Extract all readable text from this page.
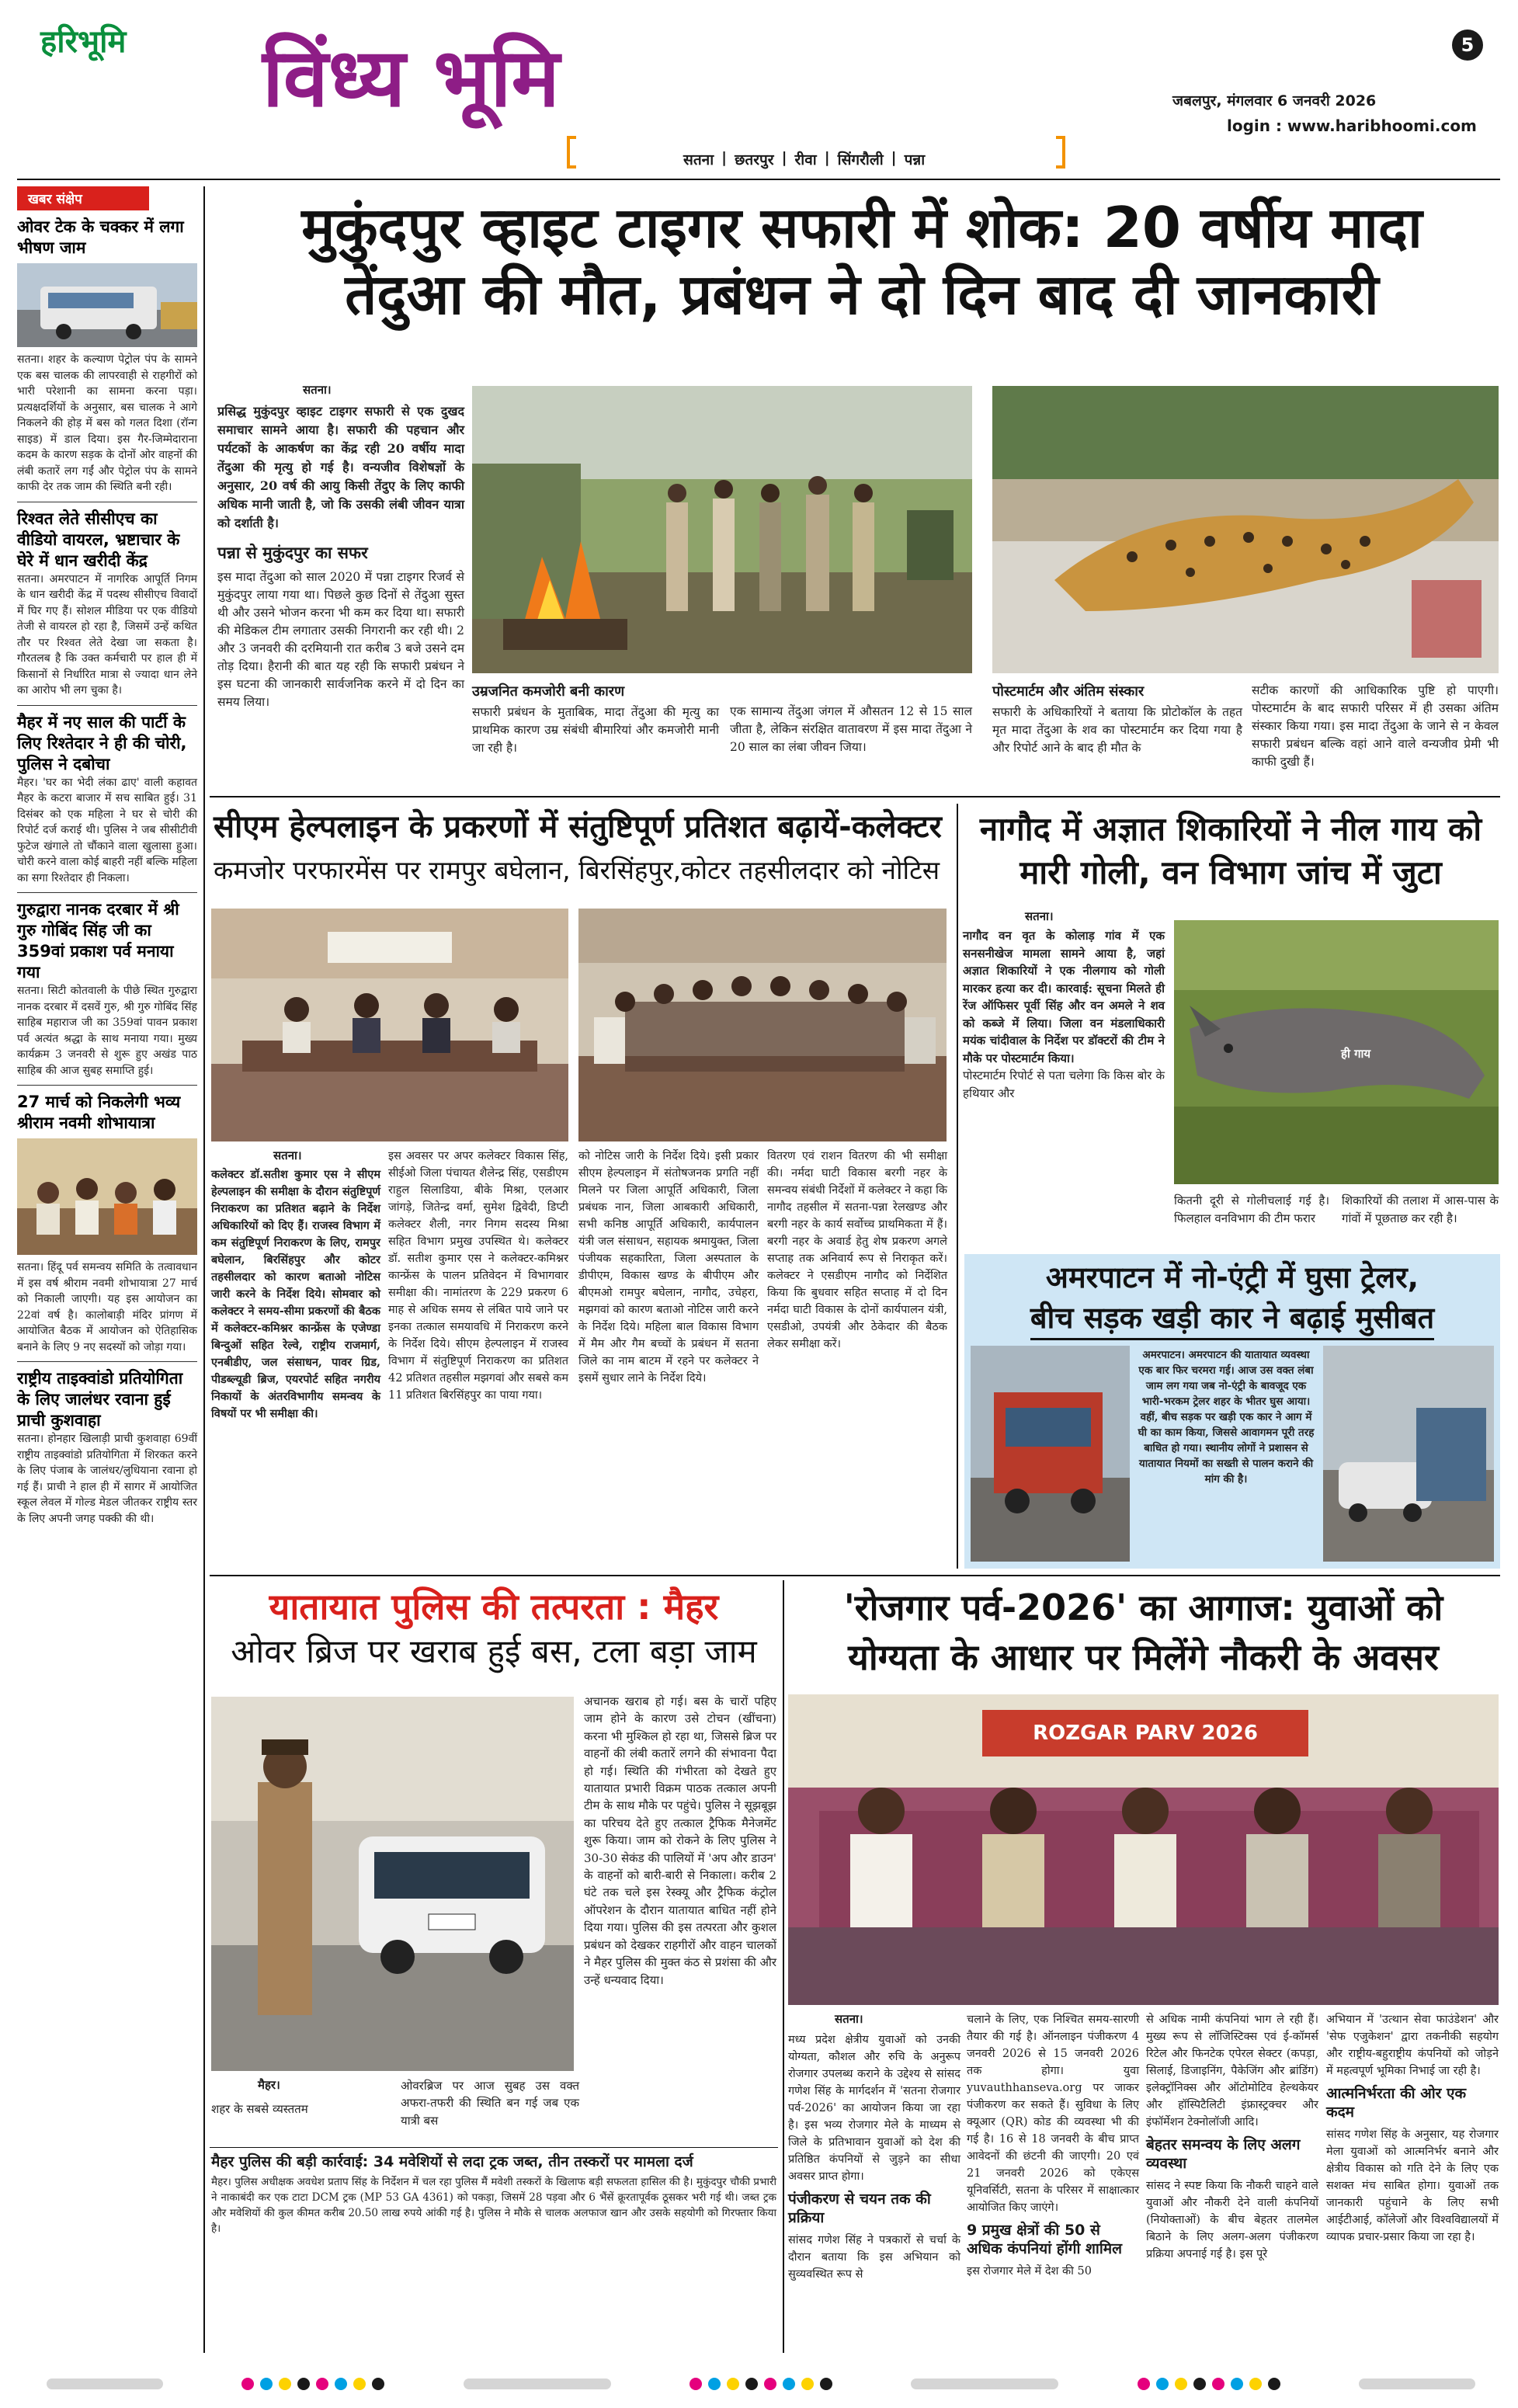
हरिभूमि विंध्य भूमि	5
जबलपुर, मंगलवार 6 जनवरी 2026
login : www.haribhoomi.com
सतना | छतरपुर | रीवा | सिंगरौली | पन्ना
खबर संक्षेप
ओवर टेक के चक्कर में लगा भीषण जाम
सतना। शहर के कल्याण पेट्रोल पंप के सामने एक बस चालक की लापरवाही से राहगीरों को भारी परेशानी का सामना करना पड़ा। प्रत्यक्षदर्शियों के अनुसार, बस चालक ने आगे निकलने की होड़ में बस को गलत दिशा (रॉन्ग साइड) में डाल दिया। इस गैर-जिम्मेदाराना कदम के कारण सड़क के दोनों ओर वाहनों की लंबी कतारें लग गईं और पेट्रोल पंप के सामने काफी देर तक जाम की स्थिति बनी रही।
रिश्वत लेते सीसीएच का वीडियो वायरल, भ्रष्टाचार के घेरे में धान खरीदी केंद्र
सतना। अमरपाटन में नागरिक आपूर्ति निगम के धान खरीदी केंद्र में पदस्थ सीसीएच विवादों में घिर गए हैं। सोशल मीडिया पर एक वीडियो तेजी से वायरल हो रहा है, जिसमें उन्हें कथित तौर पर रिश्वत लेते देखा जा सकता है। गौरतलब है कि उक्त कर्मचारी पर हाल ही में किसानों से निर्धारित मात्रा से ज्यादा धान लेने का आरोप भी लग चुका है।
मैहर में नए साल की पार्टी के लिए रिश्तेदार ने ही की चोरी, पुलिस ने दबोचा
मैहर। 'घर का भेदी लंका ढाए' वाली कहावत मैहर के कटरा बाजार में सच साबित हुई। 31 दिसंबर को एक महिला ने घर से चोरी की रिपोर्ट दर्ज कराई थी। पुलिस ने जब सीसीटीवी फुटेज खंगाले तो चौंकाने वाला खुलासा हुआ। चोरी करने वाला कोई बाहरी नहीं बल्कि महिला का सगा रिश्तेदार ही निकला।
गुरुद्वारा नानक दरबार में श्री गुरु गोबिंद सिंह जी का 359वां प्रकाश पर्व मनाया गया
सतना। सिटी कोतवाली के पीछे स्थित गुरुद्वारा नानक दरबार में दसवें गुरु, श्री गुरु गोबिंद सिंह साहिब महाराज जी का 359वां पावन प्रकाश पर्व अत्यंत श्रद्धा के साथ मनाया गया। मुख्य कार्यक्रम 3 जनवरी से शुरू हुए अखंड पाठ साहिब की आज सुबह समाप्ति हुई।
27 मार्च को निकलेगी भव्य श्रीराम नवमी शोभायात्रा
सतना। हिंदू पर्व समन्वय समिति के तत्वावधान में इस वर्ष श्रीराम नवमी शोभायात्रा 27 मार्च को निकाली जाएगी। यह इस आयोजन का 22वां वर्ष है। कालोबाड़ी मंदिर प्रांगण में आयोजित बैठक में आयोजन को ऐतिहासिक बनाने के लिए 9 नए सदस्यों को जोड़ा गया।
राष्ट्रीय ताइक्वांडो प्रतियोगिता के लिए जालंधर रवाना हुई प्राची कुशवाहा
सतना। होनहार खिलाड़ी प्राची कुशवाहा 69वीं राष्ट्रीय ताइक्वांडो प्रतियोगिता में शिरकत करने के लिए पंजाब के जालंधर/लुधियाना रवाना हो गई हैं। प्राची ने हाल ही में सागर में आयोजित स्कूल लेवल में गोल्ड मेडल जीतकर राष्ट्रीय स्तर के लिए अपनी जगह पक्की की थी।
मुकुंदपुर व्हाइट टाइगर सफारी में शोक: 20 वर्षीय मादा
तेंदुआ की मौत, प्रबंधन ने दो दिन बाद दी जानकारी
सतना।
प्रसिद्ध मुकुंदपुर व्हाइट टाइगर सफारी से एक दुखद समाचार सामने आया है। सफारी की पहचान और पर्यटकों के आकर्षण का केंद्र रही 20 वर्षीय मादा तेंदुआ की मृत्यु हो गई है। वन्यजीव विशेषज्ञों के अनुसार, 20 वर्ष की आयु किसी तेंदुए के लिए काफी अधिक मानी जाती है, जो कि उसकी लंबी जीवन यात्रा को दर्शाती है।
पन्ना से मुकुंदपुर का सफर
इस मादा तेंदुआ को साल 2020 में पन्ना टाइगर रिजर्व से मुकुंदपुर लाया गया था। पिछले कुछ दिनों से तेंदुआ सुस्त थी और उसने भोजन करना भी कम कर दिया था। सफारी की मेडिकल टीम लगातार उसकी निगरानी कर रही थी। 2 और 3 जनवरी की दरमियानी रात करीब 3 बजे उसने दम तोड़ दिया। हैरानी की बात यह रही कि सफारी प्रबंधन ने इस घटना की जानकारी सार्वजनिक करने में दो दिन का समय लिया।
उम्रजनित कमजोरी बनी कारण
सफारी प्रबंधन के मुताबिक, मादा तेंदुआ की मृत्यु का प्राथमिक कारण उम्र संबंधी बीमारियां और कमजोरी मानी जा रही है।
एक सामान्य तेंदुआ जंगल में औसतन 12 से 15 साल जीता है, लेकिन संरक्षित वातावरण में इस मादा तेंदुआ ने 20 साल का लंबा जीवन जिया।
पोस्टमार्टम और अंतिम संस्कार
सफारी के अधिकारियों ने बताया कि प्रोटोकॉल के तहत मृत मादा तेंदुआ के शव का पोस्टमार्टम कर दिया गया है और रिपोर्ट आने के बाद ही मौत के
सटीक कारणों की आधिकारिक पुष्टि हो पाएगी। पोस्टमार्टम के बाद सफारी परिसर में ही उसका अंतिम संस्कार किया गया। इस मादा तेंदुआ के जाने से न केवल सफारी प्रबंधन बल्कि वहां आने वाले वन्यजीव प्रेमी भी काफी दुखी हैं।
सीएम हेल्पलाइन के प्रकरणों में संतुष्टिपूर्ण प्रतिशत बढ़ायें-कलेक्टर
कमजोर परफारमेंस पर रामपुर बघेलान, बिरसिंहपुर,कोटर तहसीलदार को नोटिस
सतना।
कलेक्टर डॉ.सतीश कुमार एस ने सीएम हेल्पलाइन की समीक्षा के दौरान संतुष्टिपूर्ण निराकरण का प्रतिशत बढ़ाने के निर्देश अधिकारियों को दिए हैं। राजस्व विभाग में कम संतुष्टिपूर्ण निराकरण के लिए, रामपुर बघेलान, बिरसिंहपुर और कोटर तहसीलदार को कारण बताओ नोटिस जारी करने के निर्देश दिये। सोमवार को कलेक्टर ने समय-सीमा प्रकरणों की बैठक में कलेक्टर-कमिश्नर कान्फ्रेंस के एजेण्डा बिन्दुओं सहित रेल्वे, राष्ट्रीय राजमार्ग, एनबीडीए, जल संसाधन, पावर ग्रिड, पीडब्ल्यूडी ब्रिज, एयरपोर्ट सहित नगरीय निकायों के अंतरविभागीय समन्वय के विषयों पर भी समीक्षा की।
इस अवसर पर अपर कलेक्टर विकास सिंह, सीईओ जिला पंचायत शैलेन्द्र सिंह, एसडीएम राहुल सिलाडिया, बीके मिश्रा, एलआर जांगड़े, जितेन्द्र वर्मा, सुमेश द्विवेदी, डिप्टी कलेक्टर शैली, नगर निगम सदस्य मिश्रा सहित विभाग प्रमुख उपस्थित थे। कलेक्टर डॉ. सतीश कुमार एस ने कलेक्टर-कमिश्नर कान्फ्रेंस के पालन प्रतिवेदन में विभागवार समीक्षा की। नामांतरण के 229 प्रकरण 6 माह से अधिक समय से लंबित पाये जाने पर इनका तत्काल समयावधि में निराकरण करने के निर्देश दिये। सीएम हेल्पलाइन में राजस्व विभाग में संतुष्टिपूर्ण निराकरण का प्रतिशत 42 प्रतिशत तहसील मझगवां और सबसे कम 11 प्रतिशत बिरसिंहपुर का पाया गया।
को नोटिस जारी के निर्देश दिये। इसी प्रकार सीएम हेल्पलाइन में संतोषजनक प्रगति नहीं मिलने पर जिला आपूर्ति अधिकारी, जिला प्रबंधक नान, जिला आबकारी अधिकारी, सभी कनिष्ठ आपूर्ति अधिकारी, कार्यपालन यंत्री जल संसाधन, सहायक श्रमायुक्त, जिला पंजीयक सहकारिता, जिला अस्पताल के डीपीएम, विकास खण्ड के बीपीएम और बीएमओ रामपुर बघेलान, नागौद, उचेहरा, मझगवां को कारण बताओ नोटिस जारी करने के निर्देश दिये। महिला बाल विकास विभाग में मैम और गैम बच्चों के प्रबंधन में सतना जिले का नाम बाटम में रहने पर कलेक्टर ने इसमें सुधार लाने के निर्देश दिये।
वितरण एवं राशन वितरण की भी समीक्षा की। नर्मदा घाटी विकास बरगी नहर के समन्वय संबंधी निर्देशों में कलेक्टर ने कहा कि नागौद तहसील में सतना-पन्ना रेलखण्ड और बरगी नहर के कार्य सर्वोच्च प्राथमिकता में हैं। बरगी नहर के अवार्ड हेतु शेष प्रकरण अगले सप्ताह तक अनिवार्य रूप से निराकृत करें। कलेक्टर ने एसडीएम नागौद को निर्देशित किया कि बुधवार सहित सप्ताह में दो दिन नर्मदा घाटी विकास के दोनों कार्यपालन यंत्री, एसडीओ, उपयंत्री और ठेकेदार की बैठक लेकर समीक्षा करें।
नागौद में अज्ञात शिकारियों ने नील गाय को मारी गोली, वन विभाग जांच में जुटा
सतना।
नागौद वन वृत के कोलाड़ गांव में एक सनसनीखेज मामला सामने आया है, जहां अज्ञात शिकारियों ने एक नीलगाय को गोली मारकर हत्या कर दी। कारवाई: सूचना मिलते ही रेंज ऑफिसर पूर्वी सिंह और वन अमले ने शव को कब्जे में लिया। जिला वन मंडलाधिकारी मयंक चांदीवाल के निर्देश पर डॉक्टरों की टीम ने मौके पर पोस्टमार्टम किया।
पोस्टमार्टम रिपोर्ट से पता चलेगा कि किस बोर के हथियार और
ही गाय
कितनी दूरी से गोलीचलाई गई है। फिलहाल वनविभाग की टीम फरार
शिकारियों की तलाश में आस-पास के गांवों में पूछताछ कर रही है।
अमरपाटन में नो-एंट्री में घुसा ट्रेलर,
बीच सड़क खड़ी कार ने बढ़ाई मुसीबत
अमरपाटन। अमरपाटन की यातायात व्यवस्था एक बार फिर चरमरा गई। आज उस वक्त लंबा जाम लग गया जब नो-एंट्री के बावजूद एक भारी-भरकम ट्रेलर शहर के भीतर घुस आया। वहीं, बीच सड़क पर खड़ी एक कार ने आग में घी का काम किया, जिससे आवागमन पूरी तरह बाधित हो गया। स्थानीय लोगों ने प्रशासन से यातायात नियमों का सख्ती से पालन कराने की मांग की है।
यातायात पुलिस की तत्परता : मैहर
ओवर ब्रिज पर खराब हुई बस, टला बड़ा जाम
अचानक खराब हो गई। बस के चारों पहिए जाम होने के कारण उसे टोचन (खींचना) करना भी मुश्किल हो रहा था, जिससे ब्रिज पर वाहनों की लंबी कतारें लगने की संभावना पैदा हो गई। स्थिति की गंभीरता को देखते हुए यातायात प्रभारी विक्रम पाठक तत्काल अपनी टीम के साथ मौके पर पहुंचे। पुलिस ने सूझबूझ का परिचय देते हुए तत्काल ट्रैफिक मैनेजमेंट शुरू किया। जाम को रोकने के लिए पुलिस ने 30-30 सेकंड की पालियों में 'अप और डाउन' के वाहनों को बारी-बारी से निकाला। करीब 2 घंटे तक चले इस रेस्क्यू और ट्रैफिक कंट्रोल ऑपरेशन के दौरान यातायात बाधित नहीं होने दिया गया। पुलिस की इस तत्परता और कुशल प्रबंधन को देखकर राहगीरों और वाहन चालकों ने मैहर पुलिस की मुक्त कंठ से प्रशंसा की और उन्हें धन्यवाद दिया।
मैहर।
शहर के सबसे व्यस्ततम
ओवरब्रिज पर आज सुबह उस वक्त अफरा-तफरी की स्थिति बन गई जब एक यात्री बस
मैहर पुलिस की बड़ी कार्रवाई: 34 मवेशियों से लदा ट्रक जब्त, तीन तस्करों पर मामला दर्ज
मैहर। पुलिस अधीक्षक अवधेश प्रताप सिंह के निर्देशन में चल रहा पुलिस मैं मवेशी तस्करों के खिलाफ बड़ी सफलता हासिल की है। मुकुंदपुर चौकी प्रभारी ने नाकाबंदी कर एक टाटा DCM ट्रक (MP 53 GA 4361) को पकड़ा, जिसमें 28 पड़वा और 6 भैंसें क्रूरतापूर्वक ठूसकर भरी गई थी। जब्त ट्रक और मवेशियों की कुल कीमत करीब 20.50 लाख रुपये आंकी गई है। पुलिस ने मौके से चालक अलफाज खान और उसके सहयोगी को गिरफ्तार किया है।
'रोजगार पर्व-2026' का आगाज: युवाओं को
योग्यता के आधार पर मिलेंगे नौकरी के अवसर
ROZGAR PARV 2026
सतना।
मध्य प्रदेश क्षेत्रीय युवाओं को उनकी योग्यता, कौशल और रुचि के अनुरूप रोजगार उपलब्ध कराने के उद्देश्य से सांसद गणेश सिंह के मार्गदर्शन में 'सतना रोजगार पर्व-2026' का आयोजन किया जा रहा है। इस भव्य रोजगार मेले के माध्यम से जिले के प्रतिभावान युवाओं को देश की प्रतिष्ठित कंपनियों से जुड़ने का सीधा अवसर प्राप्त होगा।
पंजीकरण से चयन तक की प्रक्रिया
सांसद गणेश सिंह ने पत्रकारों से चर्चा के दौरान बताया कि इस अभियान को सुव्यवस्थित रूप से
चलाने के लिए, एक निश्चित समय-सारणी तैयार की गई है। ऑनलाइन पंजीकरण 4 जनवरी 2026 से 15 जनवरी 2026 तक होगा। युवा yuvauthhanseva.org पर जाकर पंजीकरण कर सकते हैं। सुविधा के लिए क्यूआर (QR) कोड की व्यवस्था भी की गई है। 16 से 18 जनवरी के बीच प्राप्त आवेदनों की छंटनी की जाएगी। 20 एवं 21 जनवरी 2026 को एकेएस यूनिवर्सिटी, सतना के परिसर में साक्षात्कार आयोजित किए जाएंगे।
9 प्रमुख क्षेत्रों की 50 से अधिक कंपनियां होंगी शामिल
इस रोजगार मेले में देश की 50
से अधिक नामी कंपनियां भाग ले रही हैं। मुख्य रूप से लॉजिस्टिक्स एवं ई-कॉमर्स रिटेल और फिनटेक एपेरल सेक्टर (कपड़ा, सिलाई, डिजाइनिंग, पैकेजिंग और ब्रांडिंग) इलेक्ट्रॉनिक्स और ऑटोमोटिव हेल्थकेयर और हॉस्पिटैलिटी इंफ्रास्ट्रक्चर और इंफॉर्मेशन टेक्नोलॉजी आदि।
बेहतर समन्वय के लिए अलग व्यवस्था
सांसद ने स्पष्ट किया कि नौकरी चाहने वाले युवाओं और नौकरी देने वाली कंपनियों (नियोक्ताओं) के बीच बेहतर तालमेल बिठाने के लिए अलग-अलग पंजीकरण प्रक्रिया अपनाई गई है। इस पूरे
अभियान में 'उत्थान सेवा फाउंडेशन' और 'सेफ एजुकेशन' द्वारा तकनीकी सहयोग और राष्ट्रीय-बहुराष्ट्रीय कंपनियों को जोड़ने में महत्वपूर्ण भूमिका निभाई जा रही है।
आत्मनिर्भरता की ओर एक कदम
सांसद गणेश सिंह के अनुसार, यह रोजगार मेला युवाओं को आत्मनिर्भर बनाने और क्षेत्रीय विकास को गति देने के लिए एक सशक्त मंच साबित होगा। युवाओं तक जानकारी पहुंचाने के लिए सभी आईटीआई, कॉलेजों और विश्वविद्यालयों में व्यापक प्रचार-प्रसार किया जा रहा है।
